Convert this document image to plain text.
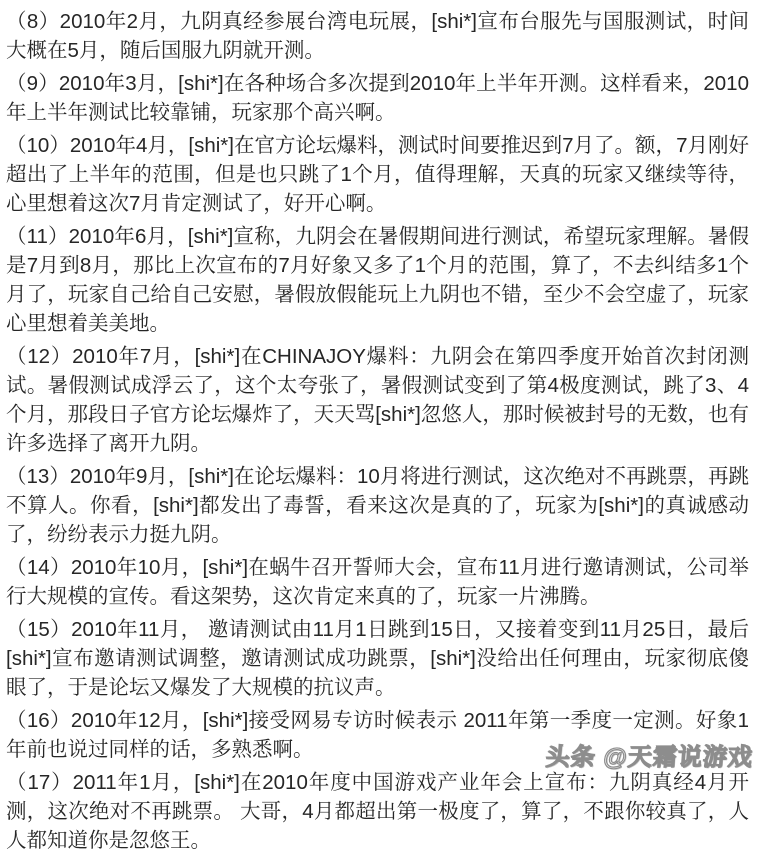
（8）2010年2月，九阴真经参展台湾电玩展，[shi*]宣布台服先与国服测试，时间大概在5月，随后国服九阴就开测。

（9）2010年3月，[shi*]在各种场合多次提到2010年上半年开测。这样看来，2010年上半年测试比较靠铺，玩家那个高兴啊。

（10）2010年4月，[shi*]在官方论坛爆料，测试时间要推迟到7月了。额，7月刚好超出了上半年的范围，但是也只跳了1个月，值得理解，天真的玩家又继续等待，心里想着这次7月肯定测试了，好开心啊。

（11）2010年6月，[shi*]宣称，九阴会在暑假期间进行测试，希望玩家理解。暑假是7月到8月，那比上次宣布的7月好象又多了1个月的范围，算了，不去纠结多1个月了，玩家自己给自己安慰，暑假放假能玩上九阴也不错，至少不会空虚了，玩家心里想着美美地。

（12）2010年7月，[shi*]在CHINAJOY爆料：九阴会在第四季度开始首次封闭测试。暑假测试成浮云了，这个太夸张了，暑假测试变到了第4极度测试，跳了3、4个月，那段日子官方论坛爆炸了，天天骂[shi*]忽悠人，那时候被封号的无数，也有许多选择了离开九阴。

（13）2010年9月，[shi*]在论坛爆料：10月将进行测试，这次绝对不再跳票，再跳不算人。你看，[shi*]都发出了毒誓，看来这次是真的了，玩家为[shi*]的真诚感动了，纷纷表示力挺九阴。

（14）2010年10月，[shi*]在蜗牛召开誓师大会，宣布11月进行邀请测试，公司举行大规模的宣传。看这架势，这次肯定来真的了，玩家一片沸腾。

（15）2010年11月， 邀请测试由11月1日跳到15日，又接着变到11月25日，最后[shi*]宣布邀请测试调整，邀请测试成功跳票，[shi*]没给出任何理由，玩家彻底傻眼了，于是论坛又爆发了大规模的抗议声。

（16）2010年12月，[shi*]接受网易专访时候表示 2011年第一季度一定测。好象1年前也说过同样的话，多熟悉啊。

（17）2011年1月，[shi*]在2010年度中国游戏产业年会上宣布：九阴真经4月开测，这次绝对不再跳票。 大哥，4月都超出第一极度了，算了，不跟你较真了，人人都知道你是忽悠王。

头条 @天霜说游戏
